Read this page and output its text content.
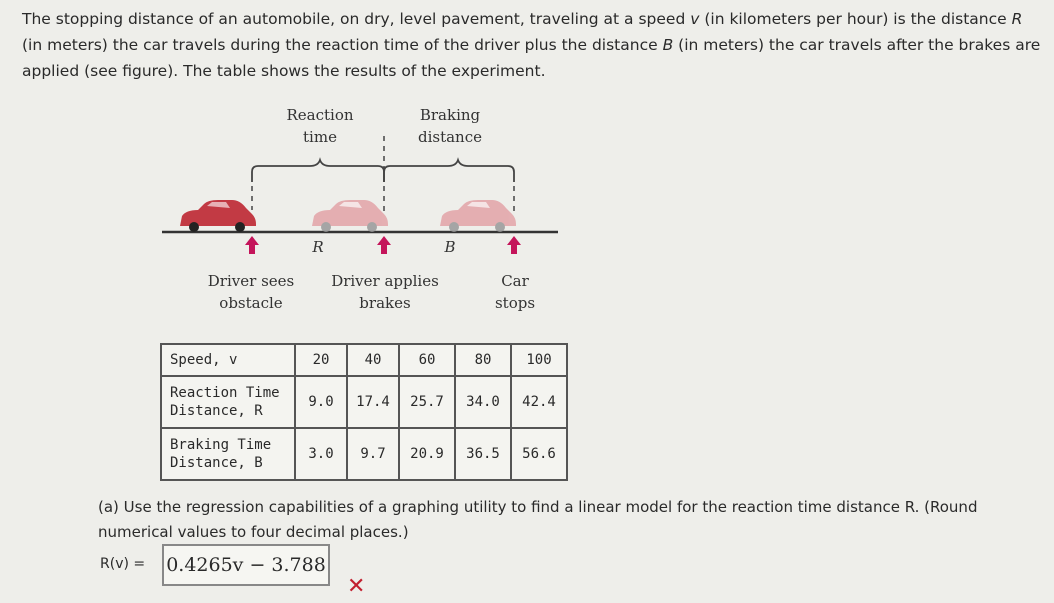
The stopping distance of an automobile, on dry, level pavement, traveling at a speed v (in kilometers per hour) is the distance R (in meters) the car travels during the reaction time of the driver plus the distance B (in meters) the car travels after the brakes are applied (see figure). The table shows the results of the experiment.
Reaction
time
Braking
distance
R	B
Driver sees
obstacle
Driver applies
brakes
Car
stops
Speed, v	20	40	60	80	100

Reaction Time
Distance, R	9.0	17.4	25.7	34.0	42.4

Braking Time
Distance, B	3.0	9.7	20.9	36.5	56.6
(a) Use the regression capabilities of a graphing utility to find a linear model for the reaction time distance R. (Round numerical values to four decimal places.)
R(v) = 0.4265v − 3.788
✕
